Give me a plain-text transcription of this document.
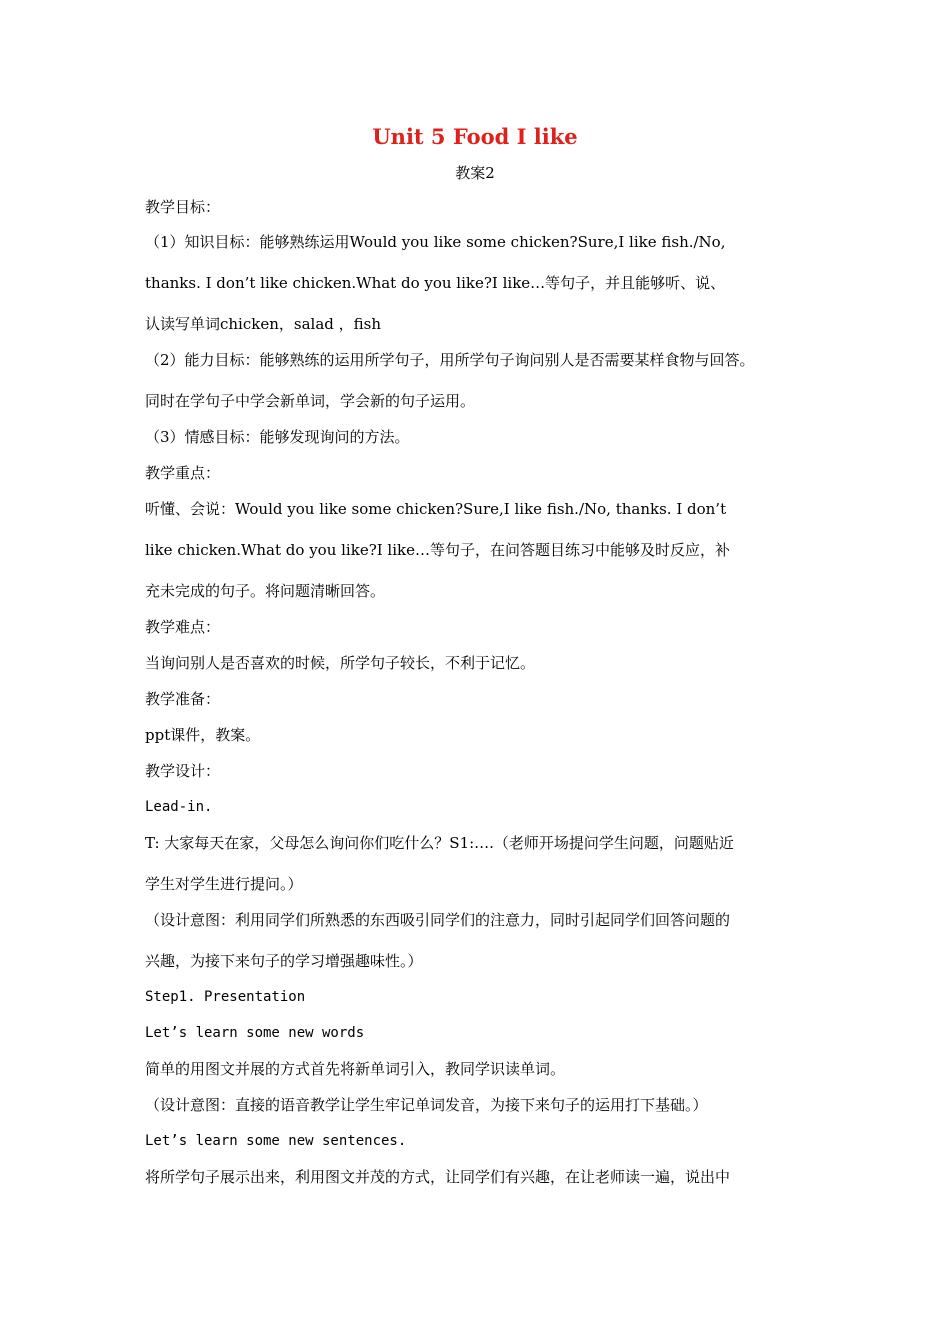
Unit 5 Food I like
教案2
教学目标：
（1）知识目标：能够熟练运用Would you like some chicken?Sure,I like fish./No,
thanks. I don’t like chicken.What do you like?I like…等句子，并且能够听、说、
认读写单词chicken，salad ，fish
（2）能力目标：能够熟练的运用所学句子，用所学句子询问别人是否需要某样食物与回答。
同时在学句子中学会新单词，学会新的句子运用。
（3）情感目标：能够发现询问的方法。
教学重点：
听懂、会说：Would you like some chicken?Sure,I like fish./No, thanks. I don’t
like chicken.What do you like?I like…等句子，在问答题目练习中能够及时反应，补
充未完成的句子。将问题清晰回答。
教学难点：
当询问别人是否喜欢的时候，所学句子较长，不利于记忆。
教学准备：
ppt课件，教案。
教学设计：
Lead-in.
T: 大家每天在家，父母怎么询问你们吃什么？S1:….（老师开场提问学生问题，问题贴近
学生对学生进行提问。）
（设计意图：利用同学们所熟悉的东西吸引同学们的注意力，同时引起同学们回答问题的
兴趣，为接下来句子的学习增强趣味性。）
Step1. Presentation
Let’s learn some new words
简单的用图文并展的方式首先将新单词引入，教同学识读单词。
（设计意图：直接的语音教学让学生牢记单词发音，为接下来句子的运用打下基础。）
Let’s learn some new sentences.
将所学句子展示出来，利用图文并茂的方式，让同学们有兴趣，在让老师读一遍，说出中
